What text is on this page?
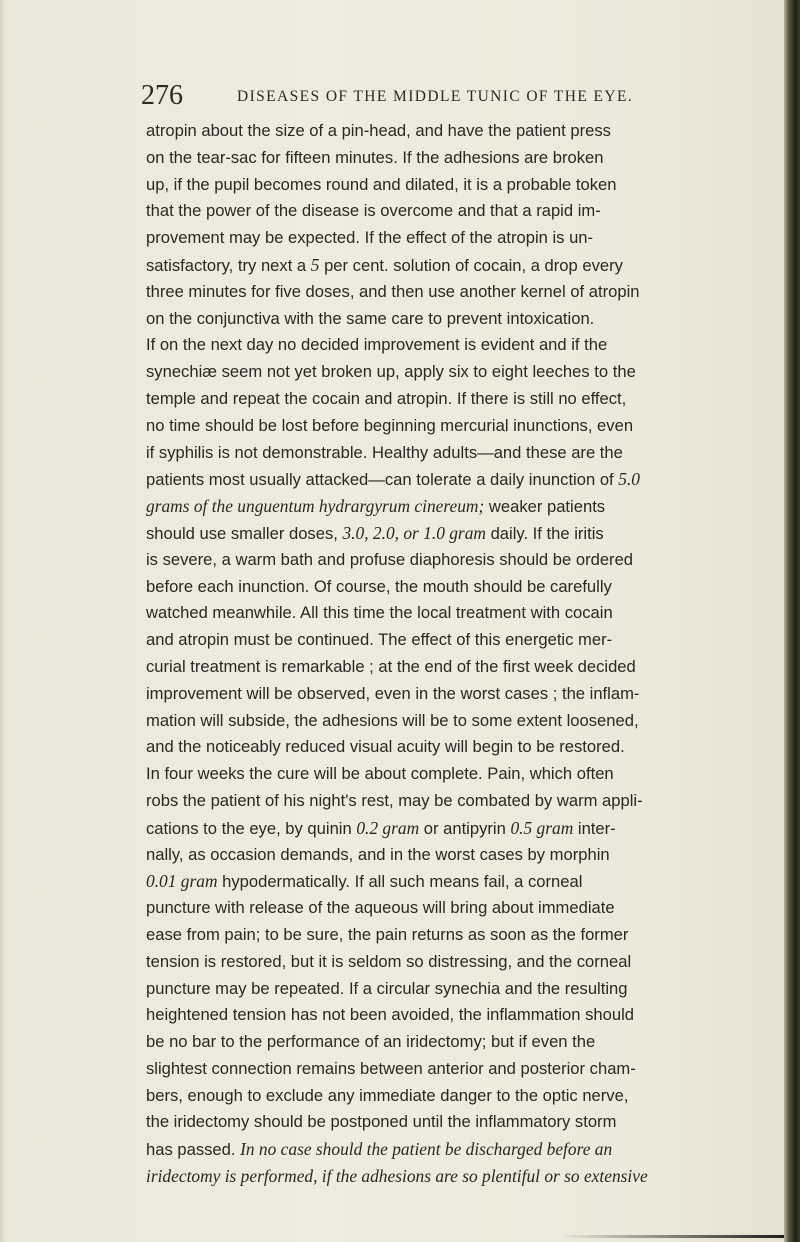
276	DISEASES OF THE MIDDLE TUNIC OF THE EYE.
atropin about the size of a pin-head, and have the patient press
on the tear-sac for fifteen minutes. If the adhesions are broken
up, if the pupil becomes round and dilated, it is a probable token
that the power of the disease is overcome and that a rapid im-
provement may be expected. If the effect of the atropin is un-
satisfactory, try next a 5 per cent. solution of cocain, a drop every
three minutes for five doses, and then use another kernel of atropin
on the conjunctiva with the same care to prevent intoxication.
If on the next day no decided improvement is evident and if the
synechiæ seem not yet broken up, apply six to eight leeches to the
temple and repeat the cocain and atropin. If there is still no effect,
no time should be lost before beginning mercurial inunctions, even
if syphilis is not demonstrable. Healthy adults—and these are the
patients most usually attacked—can tolerate a daily inunction of 5.0
grams of the unguentum hydrargyrum cinereum; weaker patients
should use smaller doses, 3.0, 2.0, or 1.0 gram daily. If the iritis
is severe, a warm bath and profuse diaphoresis should be ordered
before each inunction. Of course, the mouth should be carefully
watched meanwhile. All this time the local treatment with cocain
and atropin must be continued. The effect of this energetic mer-
curial treatment is remarkable ; at the end of the first week decided
improvement will be observed, even in the worst cases ; the inflam-
mation will subside, the adhesions will be to some extent loosened,
and the noticeably reduced visual acuity will begin to be restored.
In four weeks the cure will be about complete. Pain, which often
robs the patient of his night's rest, may be combated by warm appli-
cations to the eye, by quinin 0.2 gram or antipyrin 0.5 gram inter-
nally, as occasion demands, and in the worst cases by morphin
0.01 gram hypodermatically. If all such means fail, a corneal
puncture with release of the aqueous will bring about immediate
ease from pain; to be sure, the pain returns as soon as the former
tension is restored, but it is seldom so distressing, and the corneal
puncture may be repeated. If a circular synechia and the resulting
heightened tension has not been avoided, the inflammation should
be no bar to the performance of an iridectomy; but if even the
slightest connection remains between anterior and posterior cham-
bers, enough to exclude any immediate danger to the optic nerve,
the iridectomy should be postponed until the inflammatory storm
has passed. In no case should the patient be discharged before an
iridectomy is performed, if the adhesions are so plentiful or so extensive
